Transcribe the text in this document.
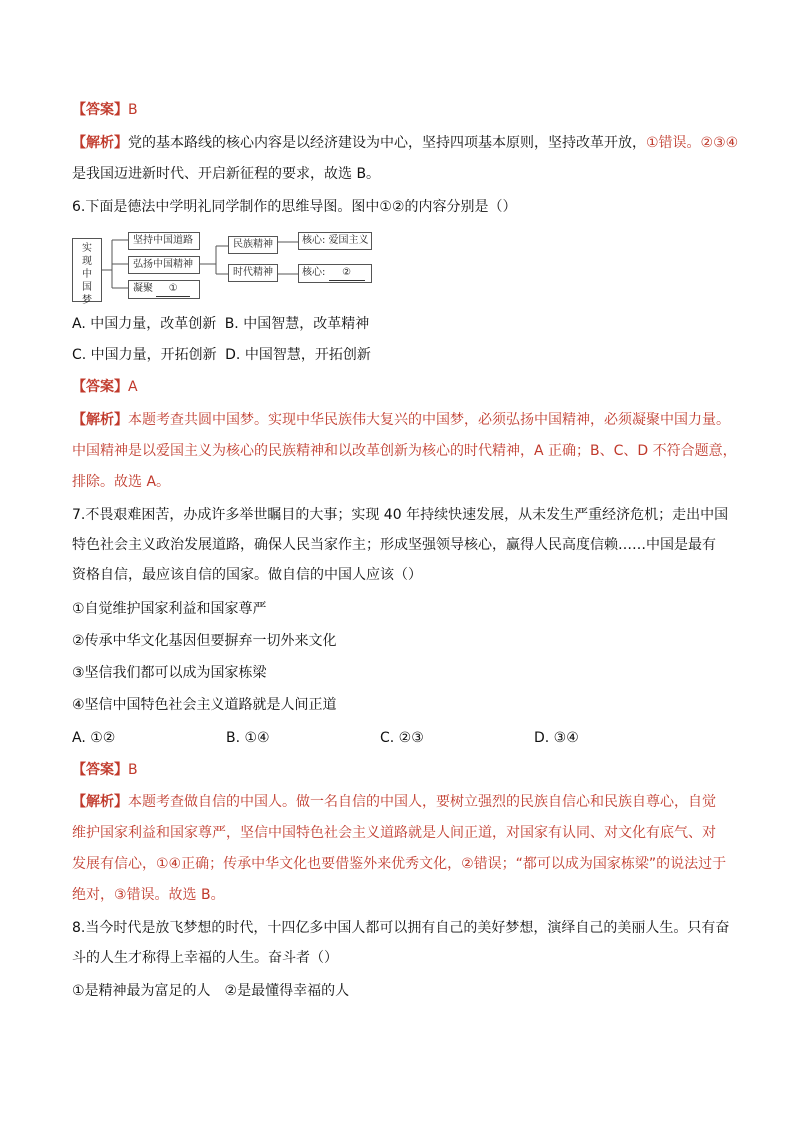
【答案】B
【解析】党的基本路线的核心内容是以经济建设为中心，坚持四项基本原则，坚持改革开放，①错误。②③④
是我国迈进新时代、开启新征程的要求，故选 B。
6.下面是德法中学明礼同学制作的思维导图。图中①②的内容分别是（）
实
现
中
国
梦
坚持中国道路
弘扬中国精神
凝聚 ①
民族精神
时代精神
核心: 爱国主义
核心: ②
A. 中国力量，改革创新 B. 中国智慧，改革精神
C. 中国力量，开拓创新 D. 中国智慧，开拓创新
【答案】A
【解析】本题考查共圆中国梦。实现中华民族伟大复兴的中国梦，必须弘扬中国精神，必须凝聚中国力量。
中国精神是以爱国主义为核心的民族精神和以改革创新为核心的时代精神，A 正确；B、C、D 不符合题意，
排除。故选 A。
7.不畏艰难困苦，办成许多举世瞩目的大事；实现 40 年持续快速发展，从未发生严重经济危机；走出中国
特色社会主义政治发展道路，确保人民当家作主；形成坚强领导核心，赢得人民高度信赖……中国是最有
资格自信，最应该自信的国家。做自信的中国人应该（）
①自觉维护国家利益和国家尊严
②传承中华文化基因但要摒弃一切外来文化
③坚信我们都可以成为国家栋梁
④坚信中国特色社会主义道路就是人间正道
A. ①②	B. ①④	C. ②③	D. ③④
【答案】B
【解析】本题考查做自信的中国人。做一名自信的中国人，要树立强烈的民族自信心和民族自尊心，自觉
维护国家利益和国家尊严，坚信中国特色社会主义道路就是人间正道，对国家有认同、对文化有底气、对
发展有信心，①④正确；传承中华文化也要借鉴外来优秀文化，②错误；“都可以成为国家栋梁”的说法过于
绝对，③错误。故选 B。
8.当今时代是放飞梦想的时代，十四亿多中国人都可以拥有自己的美好梦想，演绎自己的美丽人生。只有奋
斗的人生才称得上幸福的人生。奋斗者（）
①是精神最为富足的人　②是最懂得幸福的人
